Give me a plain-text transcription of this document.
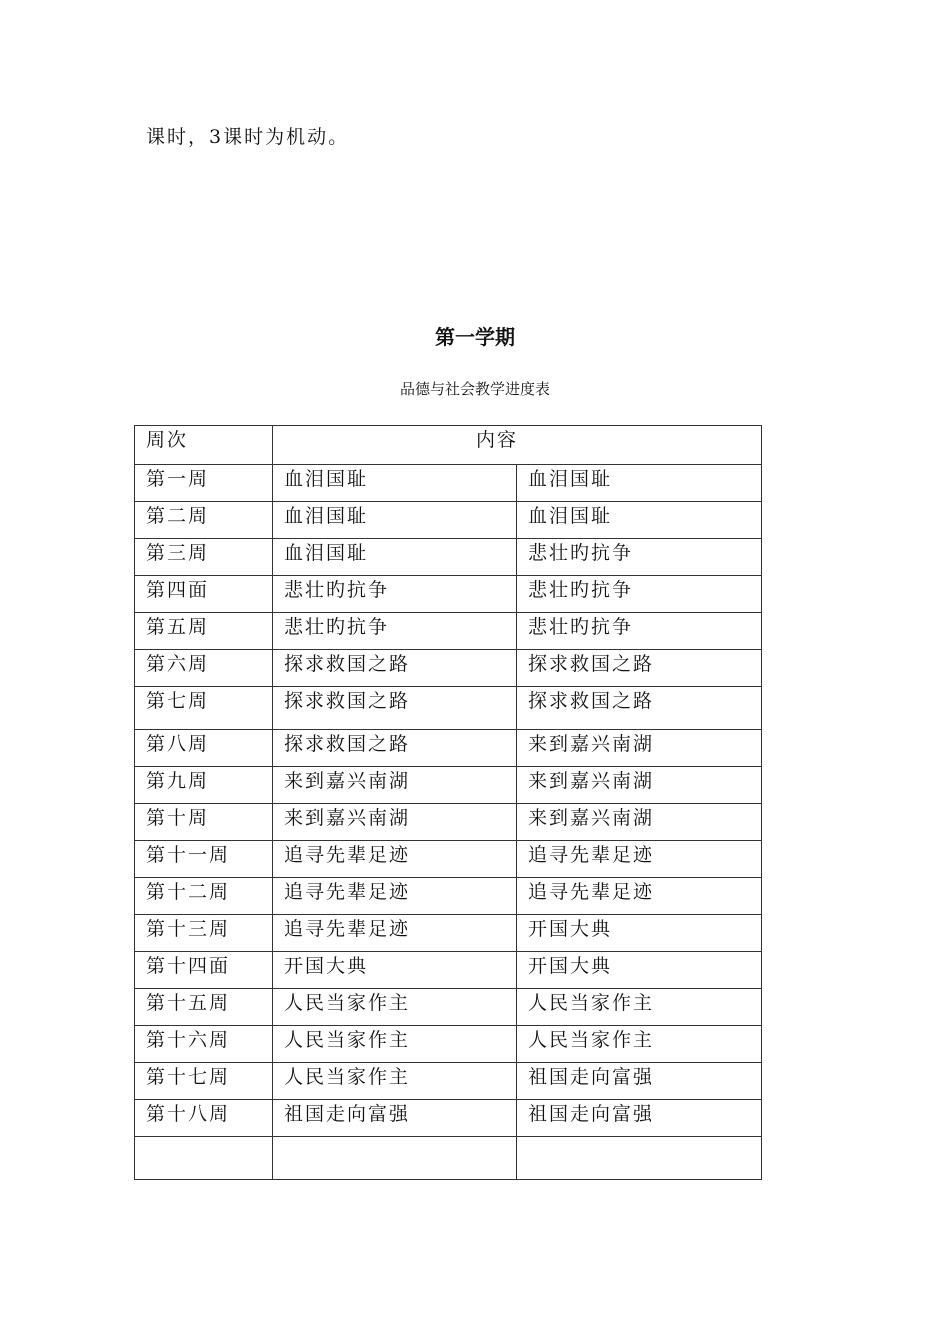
课时，3课时为机动。
第一学期
品德与社会教学进度表
周次	内容	
第一周	血泪国耻	血泪国耻
第二周	血泪国耻	血泪国耻
第三周	血泪国耻	悲壮旳抗争
第四面	悲壮旳抗争	悲壮旳抗争
第五周	悲壮旳抗争	悲壮旳抗争
第六周	探求救国之路	探求救国之路
第七周	探求救国之路	探求救国之路
第八周	探求救国之路	来到嘉兴南湖
第九周	来到嘉兴南湖	来到嘉兴南湖
第十周	来到嘉兴南湖	来到嘉兴南湖
第十一周	追寻先辈足迹	追寻先辈足迹
第十二周	追寻先辈足迹	追寻先辈足迹
第十三周	追寻先辈足迹	开国大典
第十四面	开国大典	开国大典
第十五周	人民当家作主	人民当家作主
第十六周	人民当家作主	人民当家作主
第十七周	人民当家作主	祖国走向富强
第十八周	祖国走向富强	祖国走向富强
